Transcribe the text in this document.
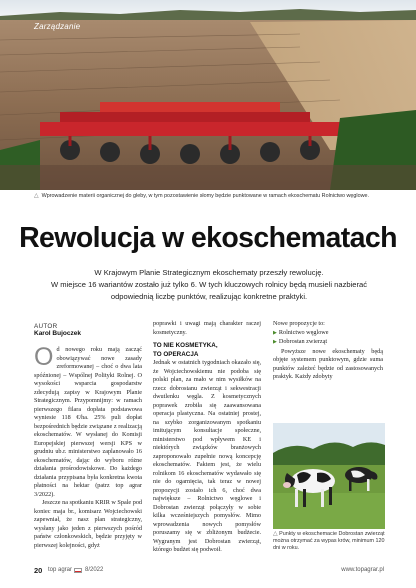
Zarządzanie
△ Wprowadzenie materii organicznej do gleby, w tym pozostawienie słomy będzie punktowane w ramach ekoschematu Rolnictwo węglowe.
Rewolucja w ekoschematach
W Krajowym Planie Strategicznym ekoschematy przeszły rewolucję.
W miejsce 16 wariantów zostało już tylko 6. W tych kluczowych rolnicy będą musieli nazbierać
odpowiednią liczbę punktów, realizując konkretne praktyki.
AUTOR
Karol Bujoczek

Od nowego roku mają zacząć obowiązywać nowe zasady zreformowanej – choć o dwa lata spóźnionej – Wspólnej Polityki Rolnej. O wysokości wsparcia gospodarstw zdecydują zapisy w Krajowym Planie Strategicznym. Przypomnijmy: w ramach pierwszego filara dopłata podstawowa wyniesie 118 €/ha. 25% puli dopłat bezpośrednich będzie związane z realizacją ekoschematów. W wysłanej do Komisji Europejskiej pierwszej wersji KPS w grudniu ub.r. ministerstwo zaplanowało 16 ekoschematów, dając do wyboru różne działania prośrodowiskowe. Do każdego działania przypisana była konkretna kwota płatności na hektar (patrz top agrar 3/2022).

Jeszcze na spotkaniu KRIR w Spale pod koniec maja br., komisarz Wojciechowski zapewniał, że nasz plan strategiczny, wysłany jako jeden z pierwszych pośród państw członkowskich, będzie przyjęty w pierwszej kolejności, gdyż

poprawki i uwagi mają charakter raczej kosmetyczny.

TO NIE KOSMETYKA,
TO OPERACJA

Jednak w ostatnich tygodniach okazało się, że Wojciechowskiemu nie podoba się polski plan, za mało w nim wysiłków na rzecz dobrostanu zwierząt i sekwestracji dwutlenku węgla. Z kosmetycznych poprawek zrobiła się zaawansowana operacja plastyczna. Na ostatniej prostej, na szybko zorganizowanym spotkaniu imitującym konsultacje społeczne, ministerstwo pod wpływem KE i niektórych związków branżowych zaproponowało zupełnie nową koncepcję ekoschematów. Faktem jest, że wielu rolnikom 16 ekoschematów wydawało się nie do ogarnięcia, tak teraz w nowej propozycji zostało ich 6, choć dwa największe – Rolnictwo węglowe i Dobrostan zwierząt połączyły w sobie kilka wcześniejszych pomysłów. Mimo wprowadzenia nowych pomysłów poruszamy się w zbliżonym budżecie. Wygranym jest Dobrostan zwierząt, którego budżet się podwoił.

Nowe propozycje to:

▶ Rolnictwo węglowe
▶ Dobrostan zwierząt

Powyższe nowe ekoschematy będą objęte systemem punktowym, gdzie suma punktów zależeć będzie od zastosowanych praktyk. Każdy zdobyty

△ Punkty w ekoschemacie Dobrostan zwierząt można otrzymać za wypas krów, minimum 120 dni w roku.
20 top agrar 8/2022	www.topagrar.pl
